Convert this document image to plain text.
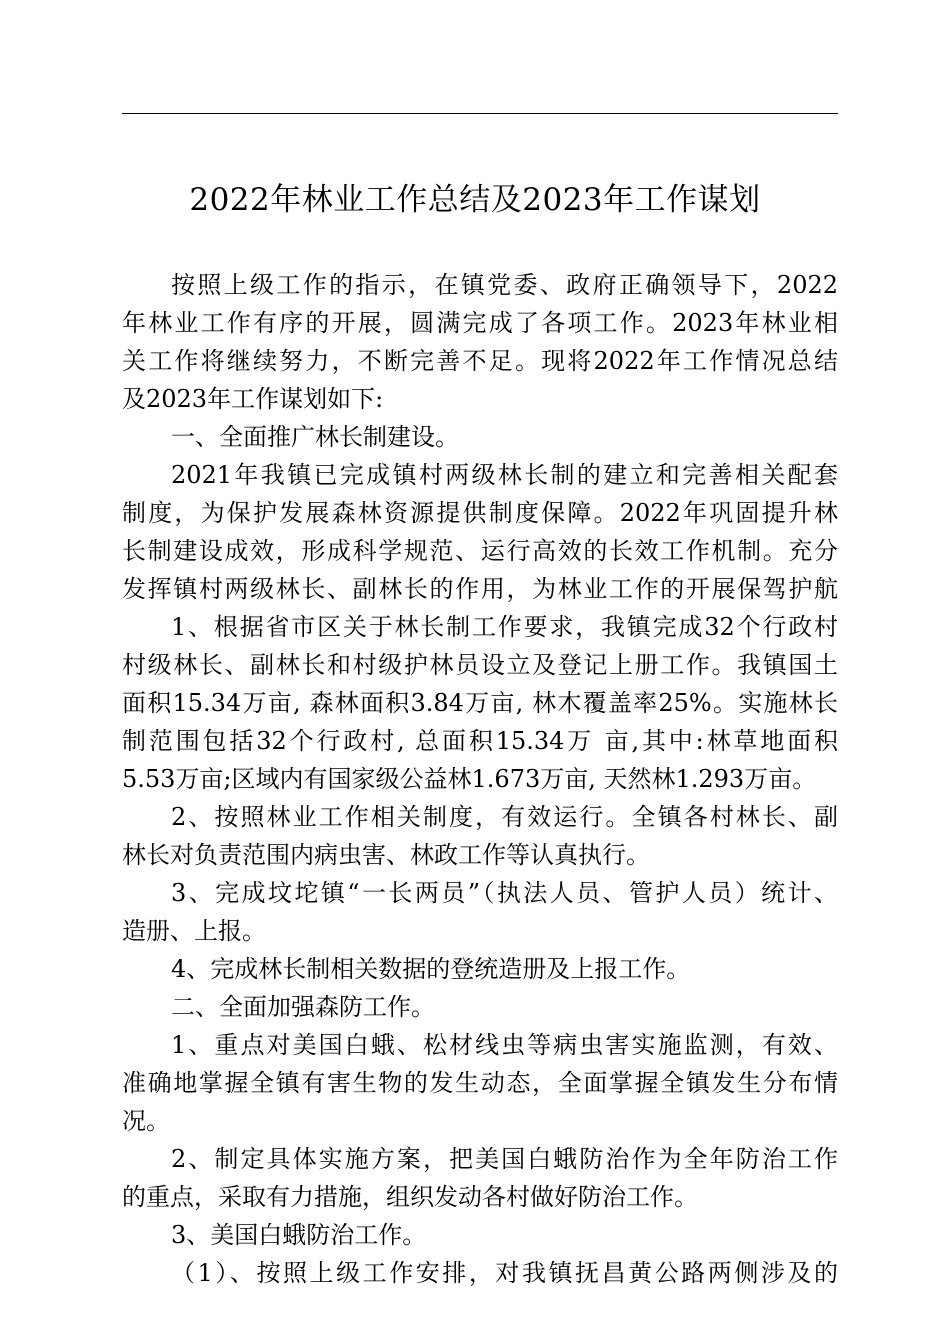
2022年林业工作总结及2023年工作谋划
按照上级工作的指示，在镇党委、政府正确领导下，2022
年林业工作有序的开展，圆满完成了各项工作。2023年林业相
关工作将继续努力，不断完善不足。现将2022年工作情况总结
及2023年工作谋划如下:
一、全面推广林长制建设。
2021年我镇已完成镇村两级林长制的建立和完善相关配套
制度，为保护发展森林资源提供制度保障。2022年巩固提升林
长制建设成效，形成科学规范、运行高效的长效工作机制。充分
发挥镇村两级林长、副林长的作用，为林业工作的开展保驾护航
1、根据省市区关于林长制工作要求，我镇完成32个行政村
村级林长、副林长和村级护林员设立及登记上册工作。我镇国土
面积15.34万亩, 森林面积3.84万亩, 林木覆盖率25%。实施林长
制范围包括32个行政村, 总面积15.34万 亩,其中:林草地面积
5.53万亩;区域内有国家级公益林1.673万亩, 天然林1.293万亩。
2、按照林业工作相关制度，有效运行。全镇各村林长、副
林长对负责范围内病虫害、林政工作等认真执行。
3、完成坟坨镇“一长两员”（执法人员、管护人员）统计、
造册、上报。
4、完成林长制相关数据的登统造册及上报工作。
二、全面加强森防工作。
1、重点对美国白蛾、松材线虫等病虫害实施监测，有效、
准确地掌握全镇有害生物的发生动态，全面掌握全镇发生分布情
况。
2、制定具体实施方案，把美国白蛾防治作为全年防治工作
的重点，采取有力措施，组织发动各村做好防治工作。
3、美国白蛾防治工作。
（1）、按照上级工作安排，对我镇抚昌黄公路两侧涉及的
